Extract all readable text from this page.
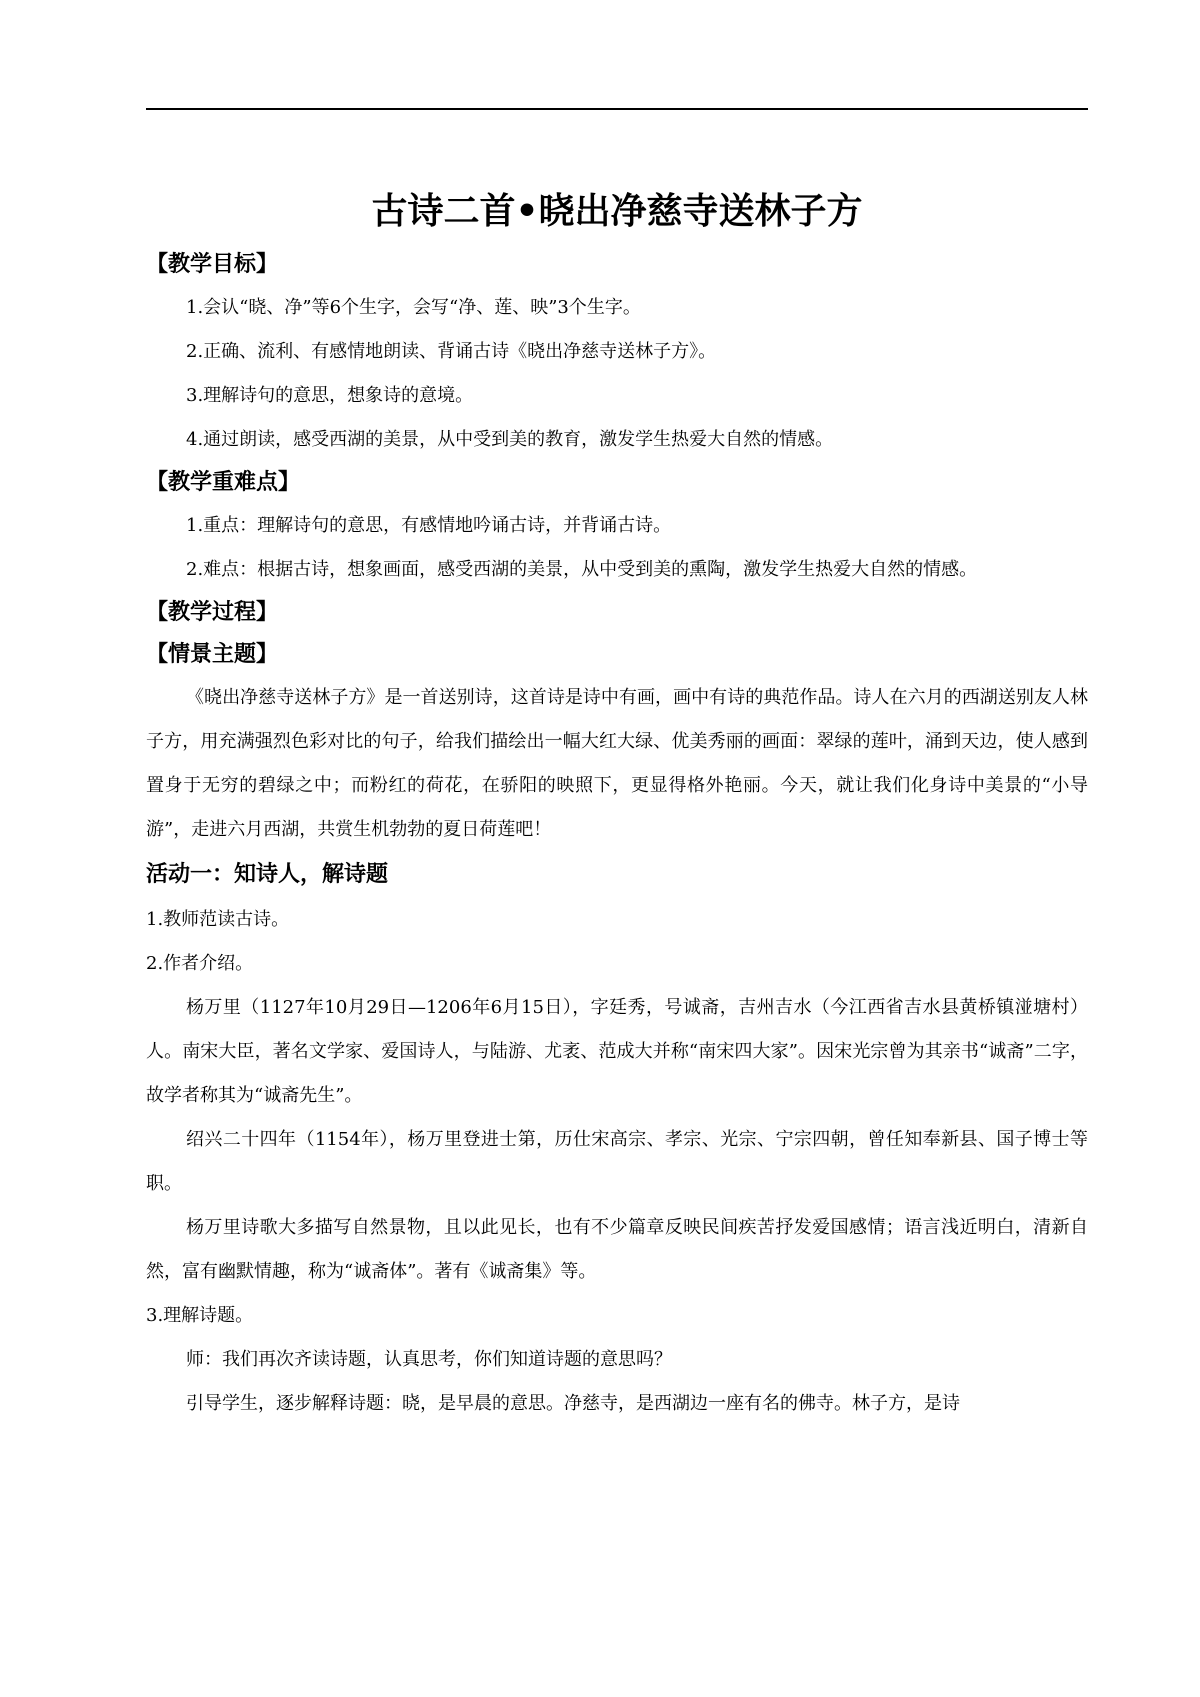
古诗二首•晓出净慈寺送林子方
【教学目标】

1.会认“晓、净”等6个生字，会写“净、莲、映”3个生字。

2.正确、流利、有感情地朗读、背诵古诗《晓出净慈寺送林子方》。

3.理解诗句的意思，想象诗的意境。

4.通过朗读，感受西湖的美景，从中受到美的教育，激发学生热爱大自然的情感。

【教学重难点】

1.重点：理解诗句的意思，有感情地吟诵古诗，并背诵古诗。

2.难点：根据古诗，想象画面，感受西湖的美景，从中受到美的熏陶，激发学生热爱大自然的情感。

【教学过程】
【情景主题】

《晓出净慈寺送林子方》是一首送别诗，这首诗是诗中有画，画中有诗的典范作品。诗人在六月的西湖送别友人林子方，用充满强烈色彩对比的句子，给我们描绘出一幅大红大绿、优美秀丽的画面：翠绿的莲叶，涌到天边，使人感到置身于无穷的碧绿之中；而粉红的荷花，在骄阳的映照下，更显得格外艳丽。今天，就让我们化身诗中美景的“小导游”，走进六月西湖，共赏生机勃勃的夏日荷莲吧！

活动一：知诗人，解诗题

1.教师范读古诗。

2.作者介绍。

杨万里（1127年10月29日—1206年6月15日），字廷秀，号诚斋，吉州吉水（今江西省吉水县黄桥镇湴塘村）人。南宋大臣，著名文学家、爱国诗人，与陆游、尤袤、范成大并称“南宋四大家”。因宋光宗曾为其亲书“诚斋”二字，故学者称其为“诚斋先生”。

绍兴二十四年（1154年），杨万里登进士第，历仕宋高宗、孝宗、光宗、宁宗四朝，曾任知奉新县、国子博士等职。

杨万里诗歌大多描写自然景物，且以此见长，也有不少篇章反映民间疾苦抒发爱国感情；语言浅近明白，清新自然，富有幽默情趣，称为“诚斋体”。著有《诚斋集》等。

3.理解诗题。

师：我们再次齐读诗题，认真思考，你们知道诗题的意思吗？

引导学生，逐步解释诗题：晓，是早晨的意思。净慈寺，是西湖边一座有名的佛寺。林子方，是诗
